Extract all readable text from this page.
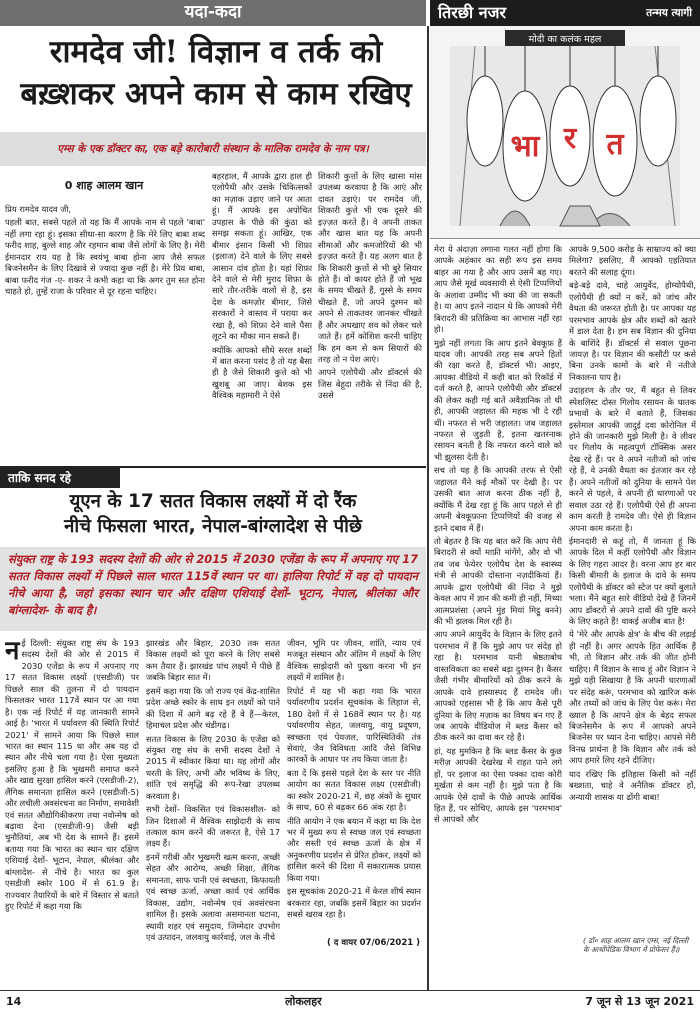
यदा-कदा	तिरछी नजर	तन्मय त्यागी
रामदेव जी! विज्ञान व तर्क को
बख़्शकर अपने काम से काम रखिए
एम्स के एक डॉक्टर का, एक बड़े कारोबारी संस्थान के मालिक रामदेव के नाम पत्र।
0 शाह आलम खान

प्रिय रामदेव यादव जी,

पहली बात, सबसे पहले तो यह कि मैं आपके नाम से पहले 'बाबा' नहीं लगा रहा हूं। इसका सीधा-सा कारण है कि मेरे लिए बाबा शब्द फरीद शाह, बुल्ले शाह और रहमान बाबा जैसे लोगों के लिए है। मेरी ईमानदार राय यह है कि स्वयंभू बाबा होना आप जैसे सफल बिजनेसमैन के लिए दिखावे से ज्यादा कुछ नहीं है। मेरे प्रिय बाबा, बाबा फरीद गंज -ए- शकर ने कभी कहा था कि अगर तुम सत होना चाहते हो, तुम्हें राजा के परिवार से दूर रहना चाहिए।

बहरहाल, मैं आपके द्वारा हाल ही एलोपैथी और उसके चिकित्सकों का मज़ाक उड़ाए जाने पर आता हूं। मैं आपके इस अपोचित उपहास के पीछे की कुंठा को समझ सकता हूं। आखिर, एक बीमार इंसान किसी भी शिफ़ा (इलाज) देने वाले के लिए सबसे आसान दांव होता है। यहां शिफ़ा देने वाले से मेरी मुराद शिफ़ा के सारे तौर-तरीके वालों से है, इस देश के कमज़ोर बीमार, जिसे सरकारों ने वास्तव में पराया कर रखा है, को शिफ़ा देने वाले पैसा लूटने का मौका मान सकते हैं।

क्योंकि आपको सौधे सरल शब्दों में बात करना पसंद है तो यह बैसा ही है जैसे शिकारी कुत्ते को भी खुशबू आ जाए। बेशक इस वैश्विक महामारी ने ऐसे

शिकारी कुत्तों के लिए खासा मांस उपलब्ध करवाया है कि आएं और दावत उड़ाएं। पर रामदेव जी, शिकारी कुत्ते भी एक दूसरे की इज़्ज़त करते हैं। वे अपनी ताकत और खास बात यह कि अपनी सीमाओं और कमजोरियों की भी इज़्ज़त करते हैं। यह अलग बात है कि शिकारी कुत्तों से भी बुरे सियार होते हैं। वो कायर होते हैं जो भूख के समय चीखते हैं, गुस्से के समय चीखते हैं, जो अपने दुश्मन को अपने से ताकतवर जानकर चीखते हैं और अधखाए शव को लेकर चले जाते हैं। हमें कोशिश करनी चाहिए कि हम कम से कम सियारों की तरह तो न पेश आएं।

आपने एलोपैथी और डॉक्टर्स की जिस बेहूदा तरीके से निंदा की है, उससे

मेरा ये अंदाज़ा लगाना गलत नहीं होगा कि आपके अहंकार का सही रूप इस समय बाहर आ गया है और आप उसमें बह गए। आप जैसे मूर्ख व्यवसायी से ऐसी टिप्पणियों के अलावा उम्मीद भी क्या की जा सकती है। या आप इतने नादान थे कि आपको मेरी बिरादरी की प्रतिक्रिया का आभास नहीं रहा हो।

मुझे नहीं लगता कि आप इतने बेवकूफ़ हैं यादव जी। आपकी तरह सब अपने हितों की रक्षा करते हैं, डॉक्टर्स भी। आइए, आपका वीडियो में कही बात को रिकॉर्ड में दर्ज करते हैं, आपने एलोपैथी और डॉक्टर्स की लेकर कही गई बातें अवैज्ञानिक तो थी ही, आपकी जहालत की महक भी दे रही थीं। नफरत से भरी जहालत। जब जहालत नफरत से जुड़ती है, इतना खतरनाक रसायन बनती है कि नफरत करने वाले को भी झुलसा देती है।

सच तो यह है कि आपकी तरफ से ऐसी जहालत मैंने कई मौकों पर देखी है। पर उसकी बात आज करना ठीक नहीं है, क्योंकि मैं देख रहा हूं कि आप पहले से ही अपनी बेवकूफ़ाना टिप्पणियों की वजह से इतने दबाव में हैं।

तो बेहतर है कि यह बात करें कि आप मेरी बिरादरी से क्यों माफ़ी मांगेंगे, और वो भी तब जब फेयेरर एलोपैथ देश के स्वास्थ्य मंत्री से आपकी दोस्ताना नज़दीकियां हैं। आपके द्वारा एलोपैथी की निंदा ने मुझे केवल आप में ज्ञान की कमी ही नहीं, मिथ्या आत्मप्रशंसा (अपने मुंह मियां मिट्ठू बनने) की भी झलक मिल रही है।

आप अपने आयुर्वेद के विज्ञान के लिए इतने परमभाव में हैं कि मुझे आप पर संदेह हो रहा है। परमभाव यानी श्रेष्ठताबोध वास्तविकता का सबसे बड़ा दुश्मन है। कैंसर जैसी गंभीर बीमारियों को ठीक करने के आपके दावे हास्यास्पद हैं रामदेव जी। आपको एहसास भी है कि आप कैसे पूरी दुनिया के लिए मज़ाक का विषय बन गए हैं जब आपके वीडियोज में ब्लड कैंसर को ठीक करने का दावा कर रहे हैं।

हां, यह मुमकिन है कि ब्लड कैंसर के कुछ मरीज़ आपकी देखरेख में राहत पाने लगे हों, पर इलाज का ऐसा पक्का दावा कोरी मूर्खता से कम नहीं है। मुझे पता है कि आपके ऐसे दावों के पीछे आपके आर्थिक हित हैं, पर सोचिए, आपके इस 'परमभाव' से आपको और

आपके 9,500 करोड़ के साम्राज्य को क्या मिलेगा? इसलिए, मैं आपको एहतियात बरतने की सलाह दूंगा।

बड़े-बड़े दावे, चाहे आयुर्वेद, होम्योपैथी, एलोपैथी ही क्यों न करें, को जांच और वैधता की जरूरत होती है। पर आपका यह परमभाव आपके क्षेत्र और शब्दों को खतरे में डाल देता है। हम सब विज्ञान की दुनिया के बाशिंदे हैं। डॉक्टर्स से सवाल पूछना जायज़ है। पर विज्ञान की कसौटी पर कसे बिना उनके कामों के बारे में नतीजे निकालना पाप है।

उदाहरण के तौर पर, मैं बहुत से लिवर स्पेशलिस्ट दोस्त गिलोय रसायन के घातक प्रभावों के बारे में बताते हैं, जिसका इस्तेमाल आपकी जादुई दवा कोरोनिल में होने की जानकारी मुझे मिली है। वे लीवर पर गिलोय के महत्वपूर्ण टॉक्सिक असर देख रहे हैं। पर वे अपने नतीजों को जांच रहे हैं, वे उनकी वैधता का इंतजार कर रहे हैं। अपने नतीजों को दुनिया के सामने पेश करने से पहले, वे अपनी ही धारणाओं पर सवाल उठा रहे हैं। एलोपैथी ऐसे ही अपना काम करती है रामदेव जी। ऐसे ही विज्ञान अपना काम करता है।

ईमानदारी से कहूं तो, मैं जानता हूं कि आपके दिल में कहीं एलोपैथी और विज्ञान के लिए गहरा आदर है। वरना आप हर बार किसी बीमारी के इलाज के दावे के समय एलोपैथी के डॉक्टर को स्टेज पर क्यों बुलाते भला। मैंने बहुत सारे वीडियो देखे हैं जिनमें आप डॉक्टरों से अपने दावों की पुष्टि करने के लिए कहते हैं! वाकई अजीब बात है!

ये 'मेरे और आपके क्षेत्र' के बीच की लड़ाई ही नहीं है। अगर आपके हित आर्थिक हैं भी, तो विज्ञान और तर्क की जीत होनी चाहिए। मैं विज्ञान के साथ हूं और विज्ञान ने मुझे यही सिखाया है कि अपनी धारणाओं पर संदेह करूं, परमभाव को खारिज करूं और तथ्यों को जांच के लिए पेश करूं। मेरा ख्याल है कि आपने क्षेत्र के बेहद सफल बिजनेसमैन के रूप में आपको अपने बिजनेस पर ध्यान देना चाहिए। आपसे मेरी विनम्र प्रार्थना है कि विज्ञान और तर्क को आप हमारे लिए रहने दीजिए।

याद रखिए कि इतिहास किसी को नहीं बख्शता, चाहे वे अनैतिक डॉक्टर हों, अन्यायी शासक या ढोंगी बाबा!

( डॉ० शाह आलम खान एम्स, नई दिल्ली के आर्थोपेडिक विभाग में प्रोफेसर हैं।)
मोदी का कलंक महल
भा र त
ताकि सनद रहे
यूएन के 17 सतत विकास लक्ष्यों में दो रैंक
नीचे फिसला भारत, नेपाल-बांग्लादेश से पीछे
संयुक्त राष्ट्र के 193 सदस्य देशों की ओर से 2015 में 2030 एजेंडा के रूप में अपनाए गए 17 सतत विकास लक्ष्यों में पिछले साल भारत 115वें स्थान पर था। हालिया रिपोर्ट में वह दो पायदान नीचे आया है, जहां इसका स्थान चार और दक्षिण एशियाई देशों- भूटान, नेपाल, श्रीलंका और बांग्लादेश- के बाद है।
नई दिल्ली: संयुक्त राष्ट्र संघ के 193 सदस्य देशों की ओर से 2015 में 2030 एजेंडा के रूप में अपनाए गए 17 सतत विकास लक्ष्यों (एसडीजी) पर पिछले साल की तुलना में दो पायदान फिसलकर भारत 117वें स्थान पर आ गया है। एक नई रिपोर्ट में यह जानकारी सामने आई है। 'भारत में पर्यावरण की स्थिति रिपोर्ट 2021' में सामने आया कि पिछले साल भारत का स्थान 115 था और अब यह दो स्थान और नीचे चला गया है। ऐसा मुख्यतः इसलिए हुआ है कि भुखमरी समाप्त करने और खाद्य सुरक्षा हासिल करने (एसडीजी-2), लैंगिक समानता हासिल करने (एसडीजी-5) और लचीली अवसंरचना का निर्माण, समावेशी एवं सतत औद्योगिकीकरण तथा नवोन्मेष को बढ़ावा देना (एसडीजी-9) जैसी बड़ी चुनौतियां, अब भी देश के सामने हैं। इसमें बताया गया कि भारत का स्थान चार दक्षिण एशियाई देशों- भूटान, नेपाल, श्रीलंका और बांग्लादेश- से नीचे है। भारत का कुल एसडीजी स्कोर 100 में से 61.9 है। राज्यवार तैयारियों के बारे में विस्तार से बताते हुए रिपोर्ट में कहा गया कि

झारखंड और बिहार, 2030 तक सतत विकास लक्ष्यों को पूरा करने के लिए सबसे कम तैयार हैं। झारखंड पांच लक्ष्यों में पीछे हैं जबकि बिहार सात में।

इसमें कहा गया कि जो राज्य एवं केंद्र-शासित प्रदेश अच्छे स्कोर के साथ इन लक्ष्यों को पाने की दिशा में आगे बढ़ रहे हैं वे हैं—केरल, हिमाचल प्रदेश और चंडीगढ़।

सतत विकास के लिए 2030 के एजेंडा को संयुक्त राष्ट्र संघ के सभी सदस्य देशों ने 2015 में स्वीकार किया था। यह लोगों और धरती के लिए, अभी और भविष्य के लिए, शांति एवं समृद्धि की रूप-रेखा उपलब्ध करवाता है।

सभी देशों- विकसित एवं विकासशील- को जिन दिशाओं में वैश्विक साझेदारी के साथ तत्काल काम करने की जरूरत है, ऐसे 17 लक्ष्य हैं।

इनमें गरीबी और भुखमरी खत्म करना, अच्छी सेहत और आरोग्य, अच्छी शिक्षा, लैंगिक समानता, साफ पानी एवं स्वच्छता, किफायती एवं स्वच्छ ऊर्जा, अच्छा कार्य एवं आर्थिक विकास, उद्योग, नवोन्मेष एवं अवसंरचना शामिल हैं। इसके अलावा असमानता घटाना, स्थायी शहर एवं समुदाय, जिम्मेदार उपभोग एवं उत्पादन, जलवायु कार्रवाई, जल के नीचे

जीवन, भूमि पर जीवन, शांति, न्याय एवं मजबूत संस्थान और अंतिम में लक्ष्यों के लिए वैश्विक साझेदारी को पुख्ता करना भी इन लक्ष्यों में शामिल है।

रिपोर्ट में यह भी कहा गया कि भारत पर्यावरणीय प्रदर्शन सूचकांक के लिहाज से, 180 देशों में से 168वें स्थान पर है। यह पर्यावरणीय सेहत, जलवायु, वायु प्रदूषण, स्वच्छता एवं पेयजल, पारिस्थितिकी तंत्र सेवाएं, जैव विविधता आदि जैसे विभिन्न कारकों के आधार पर तय किया जाता है।

बता दें कि इससे पहले देश के स्तर पर नीति आयोग का सतत विकास लक्ष्य (एसडीजी) का स्कोर 2020-21 में, छह अंकों के सुधार के साथ, 60 से बढ़कर 66 अंक रहा है।

नीति आयोग ने एक बयान में कहा था कि देश भर में मुख्य रूप से स्वच्छ जल एवं स्वच्छता और सस्ती एवं स्वच्छ ऊर्जा के क्षेत्र में अनुकरणीय प्रदर्शन से प्रेरित होकर, लक्ष्यों को हासिल करने की दिशा में सकारात्मक प्रयास किया गया।

इस सूचकांक 2020-21 में केरल शीर्ष स्थान बरकरार रहा, जबकि इसमें बिहार का प्रदर्शन सबसे खराब रहा है।

( द वायर 07/06/2021 )
14	लोकलहर	7 जून से 13 जून 2021
